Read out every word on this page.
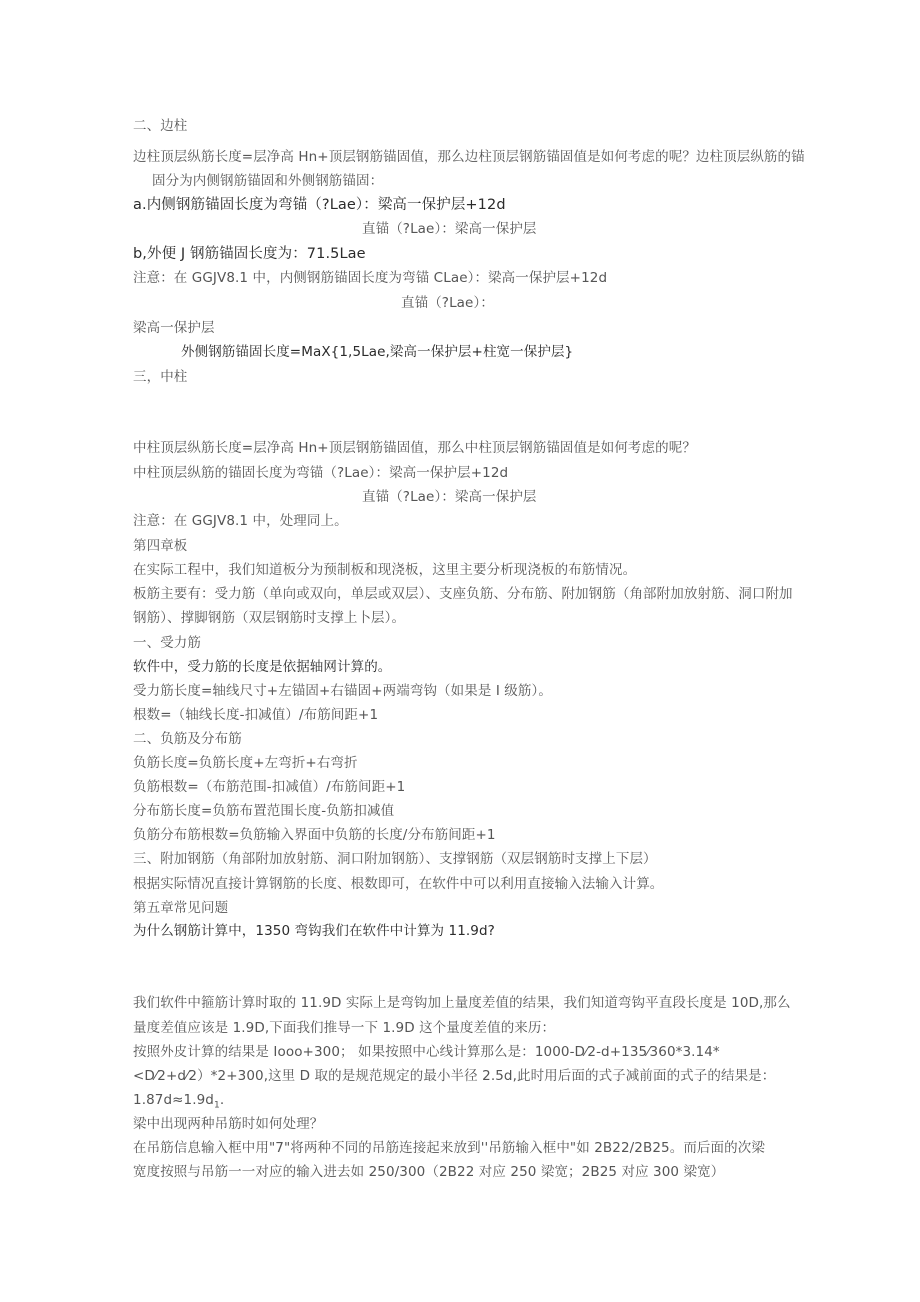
二、边柱
边柱顶层纵筋长度=层净高 Hn+顶层钢筋锚固值，那么边柱顶层钢筋锚固值是如何考虑的呢？边柱顶层纵筋的锚
固分为内侧钢筋锚固和外侧钢筋锚固：
a.内侧钢筋锚固长度为弯锚（?Lae）：梁高一保护层+12d
直锚（?Lae）：梁高一保护层
b,外便 J 钢筋锚固长度为：71.5Lae
注意：在 GGJV8.1 中，内侧钢筋锚固长度为弯锚 CLae）：梁高一保护层+12d
直锚（?Lae）：
梁高一保护层
外侧钢筋锚固长度=MaX{1,5Lae,梁高一保护层+柱宽一保护层}
三，中柱
中柱顶层纵筋长度=层净高 Hn+顶层钢筋锚固值，那么中柱顶层钢筋锚固值是如何考虑的呢？
中柱顶层纵筋的锚固长度为弯锚（?Lae）：梁高一保护层+12d
直锚（?Lae）：梁高一保护层
注意：在 GGJV8.1 中，处理同上。
第四章板
在实际工程中，我们知道板分为预制板和现浇板，这里主要分析现浇板的布筋情况。
板筋主要有：受力筋（单向或双向，单层或双层）、支座负筋、分布筋、附加钢筋（角部附加放射筋、洞口附加
钢筋）、撑脚钢筋（双层钢筋时支撑上卜层）。
一、受力筋
软件中，受力筋的长度是依据轴网计算的。
受力筋长度=轴线尺寸+左锚固+右锚固+两端弯钩（如果是 I 级筋）。
根数=（轴线长度-扣减值）/布筋间距+1
二、负筋及分布筋
负筋长度=负筋长度+左弯折+右弯折
负筋根数=（布筋范围-扣减值）/布筋间距+1
分布筋长度=负筋布置范围长度-负筋扣减值
负筋分布筋根数=负筋输入界面中负筋的长度/分布筋间距+1
三、附加钢筋（角部附加放射筋、洞口附加钢筋）、支撑钢筋（双层钢筋时支撑上下层）
根据实际情况直接计算钢筋的长度、根数即可，在软件中可以利用直接输入法输入计算。
第五章常见问题
为什么钢筋计算中，1350 弯钩我们在软件中计算为 11.9d?
我们软件中箍筋计算时取的 11.9D 实际上是弯钩加上量度差值的结果，我们知道弯钩平直段长度是 10D,那么
量度差值应该是 1.9D,下面我们推导一下 1.9D 这个量度差值的来历：
按照外皮计算的结果是 Iooo+300； 如果按照中心线计算那么是：1000-D⁄2-d+135⁄360*3.14*
<D⁄2+d⁄2）*2+300,这里 D 取的是规范规定的最小半径 2.5d,此时用后面的式子减前面的式子的结果是：
$1.87d\approx 1.9d_1$.
梁中出现两种吊筋时如何处理？
在吊筋信息输入框中用"7"将两种不同的吊筋连接起来放到''吊筋输入框中"如 2B22/2B25。而后面的次梁
宽度按照与吊筋一一对应的输入进去如 250/300（2B22 对应 250 梁宽；2B25 对应 300 梁宽）
